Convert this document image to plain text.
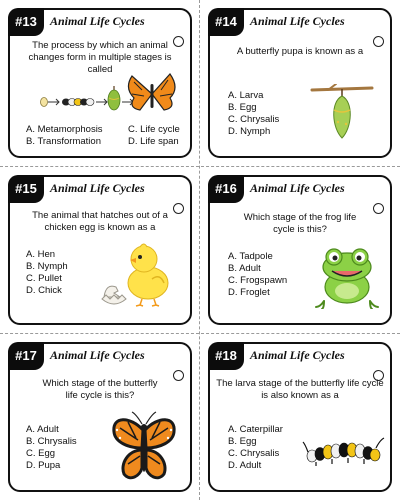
#13	Animal Life Cycles
The process by which an animal changes form in multiple stages is called
A. Metamorphosis
B. Transformation
C. Life cycle
D. Life span
#14	Animal Life Cycles
A butterfly pupa is known as a
A. Larva
B. Egg
C. Chrysalis
D. Nymph
#15	Animal Life Cycles
The animal that hatches out of a chicken egg is known as a
A. Hen
B. Nymph
C. Pullet
D. Chick
#16	Animal Life Cycles
Which stage of the frog life cycle is this?
A. Tadpole
B. Adult
C. Frogspawn
D. Froglet
#17	Animal Life Cycles
Which stage of the butterfly life cycle is this?
A. Adult
B. Chrysalis
C. Egg
D. Pupa
#18	Animal Life Cycles
The larva stage of the butterfly life cycle is also known as a
A. Caterpillar
B. Egg
C. Chrysalis
D. Adult
